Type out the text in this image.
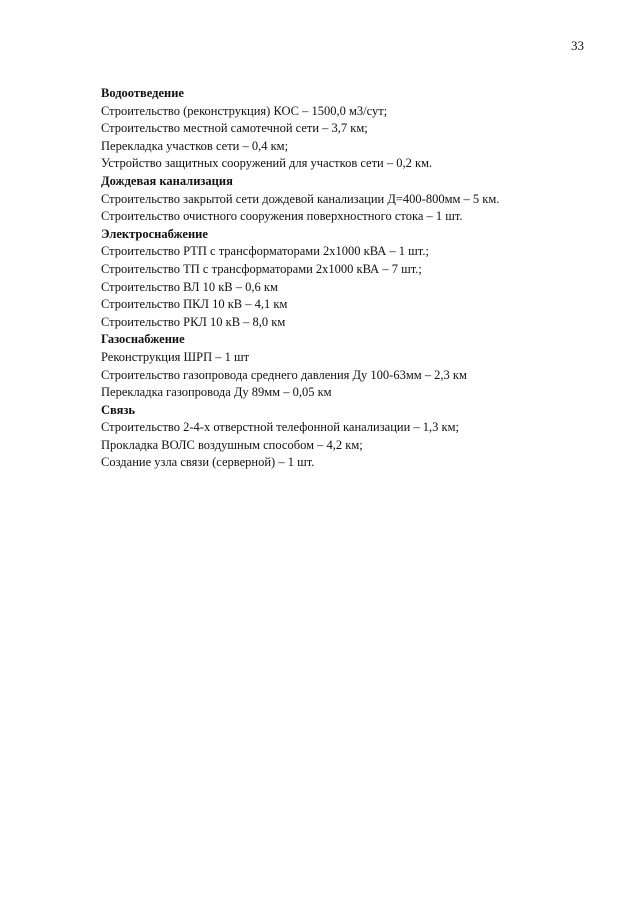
33
Водоотведение
Строительство (реконструкция) КОС – 1500,0 м3/сут;
Строительство местной самотечной сети – 3,7 км;
Перекладка участков сети – 0,4 км;
Устройство защитных сооружений для участков сети – 0,2 км.
Дождевая канализация
Строительство закрытой сети дождевой канализации Д=400-800мм – 5 км.
Строительство очистного сооружения поверхностного стока – 1 шт.
Электроснабжение
Строительство РТП с трансформаторами 2х1000 кВА – 1 шт.;
Строительство ТП с трансформаторами 2х1000 кВА – 7 шт.;
Строительство ВЛ 10 кВ – 0,6 км
Строительство ПКЛ 10 кВ – 4,1 км
Строительство РКЛ 10 кВ – 8,0 км
Газоснабжение
Реконструкция ШРП – 1 шт
Строительство газопровода среднего давления Ду 100-63мм – 2,3 км
Перекладка газопровода Ду 89мм – 0,05 км
Связь
Строительство 2-4-х отверстной телефонной канализации – 1,3 км;
Прокладка ВОЛС воздушным способом – 4,2 км;
Создание узла связи (серверной) – 1 шт.
